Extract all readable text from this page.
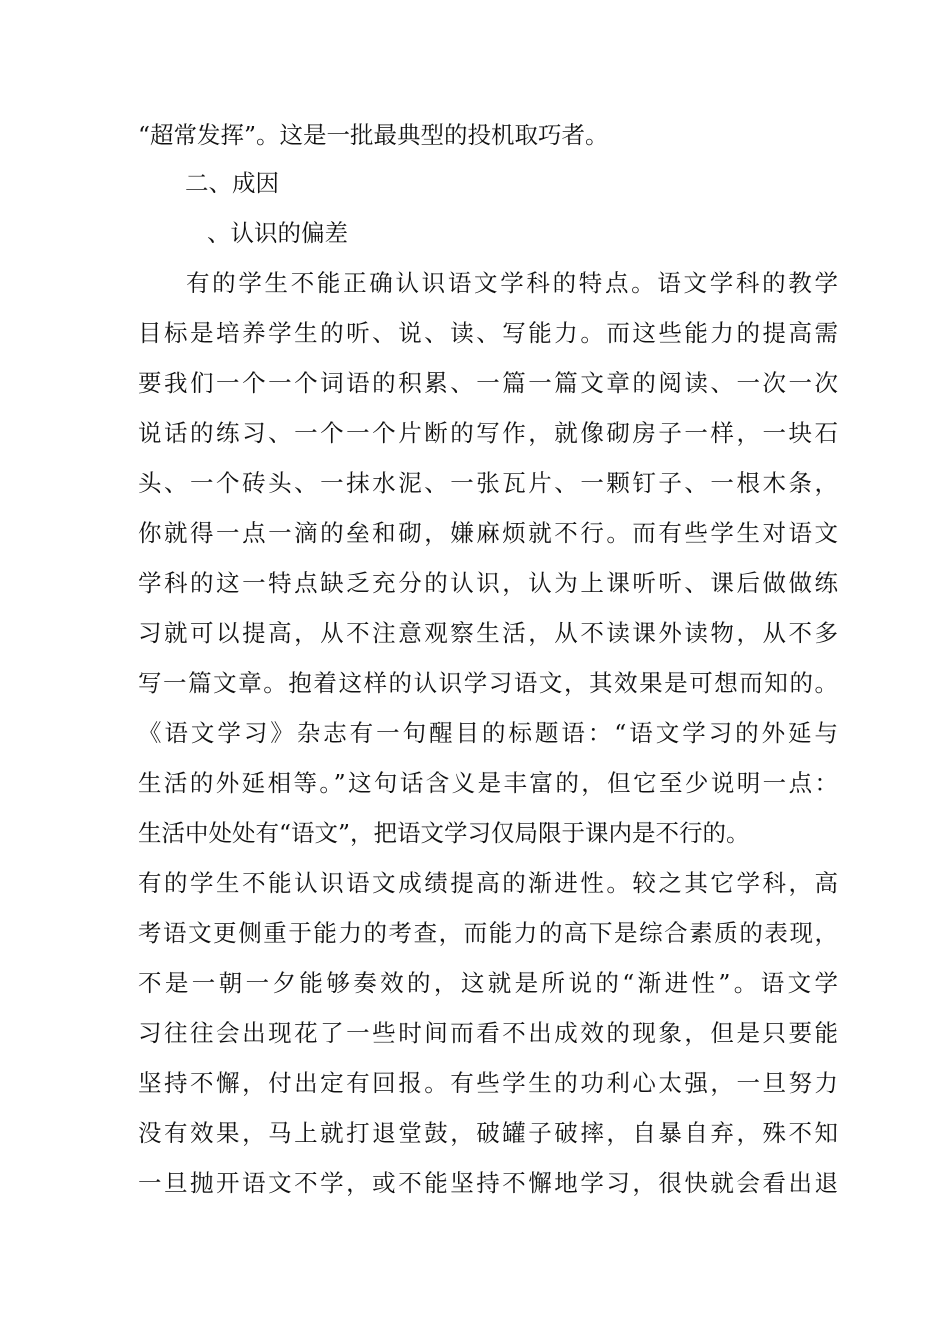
“超常发挥”。这是一批最典型的投机取巧者。
二、成因
、认识的偏差
有的学生不能正确认识语文学科的特点。语文学科的教学
目标是培养学生的听、说、读、写能力。而这些能力的提高需
要我们一个一个词语的积累、一篇一篇文章的阅读、一次一次
说话的练习、一个一个片断的写作，就像砌房子一样，一块石
头、一个砖头、一抹水泥、一张瓦片、一颗钉子、一根木条，
你就得一点一滴的垒和砌，嫌麻烦就不行。而有些学生对语文
学科的这一特点缺乏充分的认识，认为上课听听、课后做做练
习就可以提高，从不注意观察生活，从不读课外读物，从不多
写一篇文章。抱着这样的认识学习语文，其效果是可想而知的。
《语文学习》杂志有一句醒目的标题语：“语文学习的外延与
生活的外延相等。”这句话含义是丰富的，但它至少说明一点：
生活中处处有“语文”，把语文学习仅局限于课内是不行的。
有的学生不能认识语文成绩提高的渐进性。较之其它学科，高
考语文更侧重于能力的考查，而能力的高下是综合素质的表现，
不是一朝一夕能够奏效的，这就是所说的“渐进性”。语文学
习往往会出现花了一些时间而看不出成效的现象，但是只要能
坚持不懈，付出定有回报。有些学生的功利心太强，一旦努力
没有效果，马上就打退堂鼓，破罐子破摔，自暴自弃，殊不知
一旦抛开语文不学，或不能坚持不懈地学习，很快就会看出退
